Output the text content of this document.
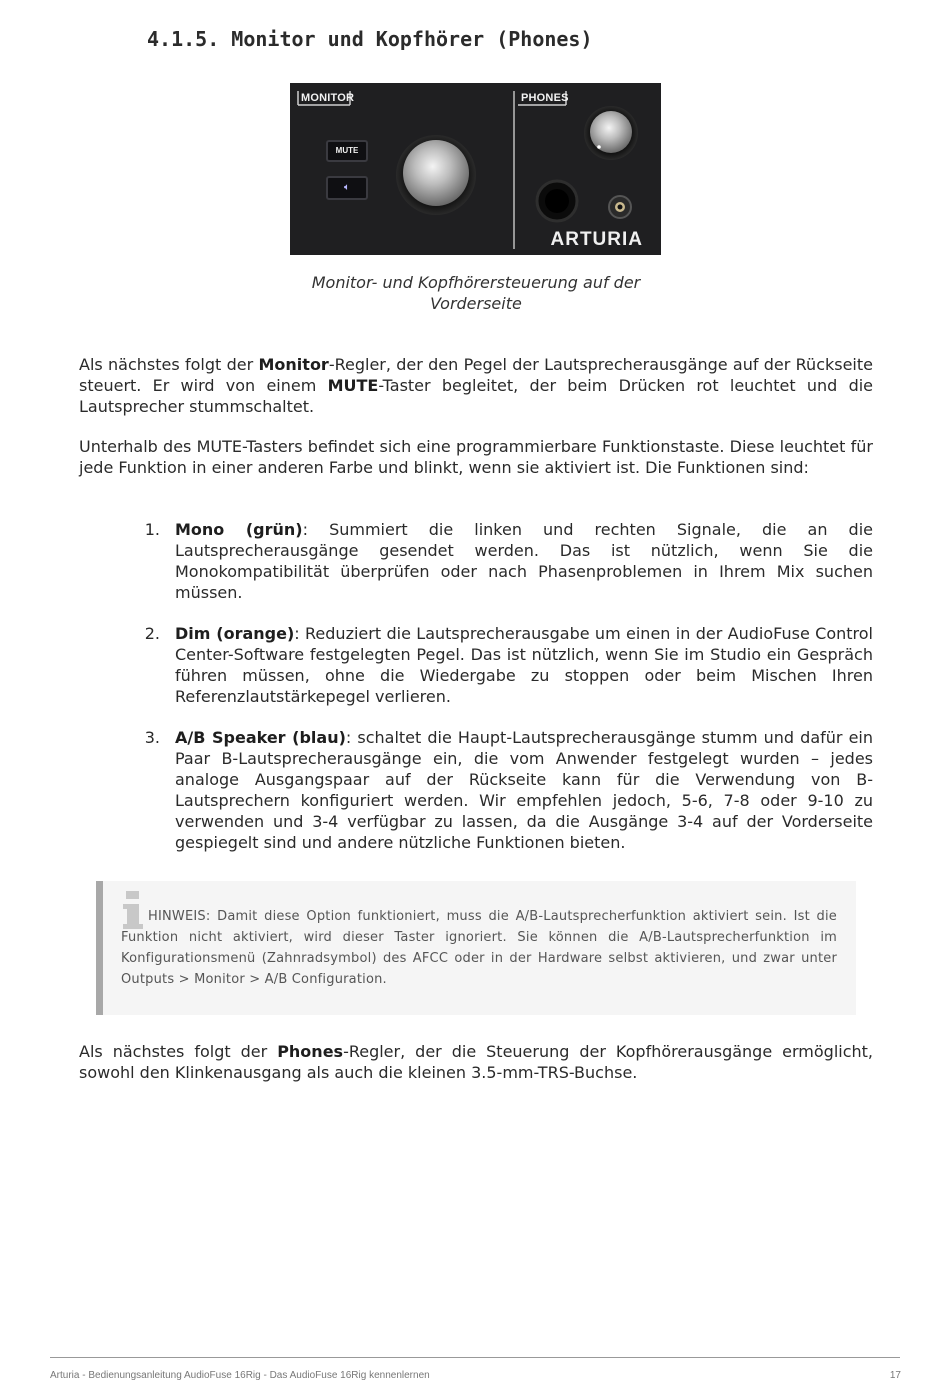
4.1.5. Monitor und Kopfhörer (Phones)
MONITOR	PHONES
MUTE
🔈︎
ARTURIA
Monitor- und Kopfhörersteuerung auf der
Vorderseite

Als nächstes folgt der Monitor-Regler, der den Pegel der Lautsprecherausgänge auf der Rückseite steuert. Er wird von einem MUTE-Taster begleitet, der beim Drücken rot leuchtet und die Lautsprecher stummschaltet.

Unterhalb des MUTE-Tasters befindet sich eine programmierbare Funktionstaste. Diese leuchtet für jede Funktion in einer anderen Farbe und blinkt, wenn sie aktiviert ist. Die Funktionen sind:

1. Mono (grün): Summiert die linken und rechten Signale, die an die Lautsprecherausgänge gesendet werden. Das ist nützlich, wenn Sie die Monokompatibilität überprüfen oder nach Phasenproblemen in Ihrem Mix suchen müssen.
2. Dim (orange): Reduziert die Lautsprecherausgabe um einen in der AudioFuse Control Center-Software festgelegten Pegel. Das ist nützlich, wenn Sie im Studio ein Gespräch führen müssen, ohne die Wiedergabe zu stoppen oder beim Mischen Ihren Referenzlautstärkepegel verlieren.
3. A/B Speaker (blau): schaltet die Haupt-Lautsprecherausgänge stumm und dafür ein Paar B-Lautsprecherausgänge ein, die vom Anwender festgelegt wurden – jedes analoge Ausgangspaar auf der Rückseite kann für die Verwendung von B-Lautsprechern konfiguriert werden. Wir empfehlen jedoch, 5-6, 7-8 oder 9-10 zu verwenden und 3-4 verfügbar zu lassen, da die Ausgänge 3-4 auf der Vorderseite gespiegelt sind und andere nützliche Funktionen bieten.
HINWEIS: Damit diese Option funktioniert, muss die A/B-Lautsprecherfunktion aktiviert sein. Ist die Funktion nicht aktiviert, wird dieser Taster ignoriert. Sie können die A/B-Lautsprecherfunktion im Konfigurationsmenü (Zahnradsymbol) des AFCC oder in der Hardware selbst aktivieren, und zwar unter Outputs > Monitor > A/B Configuration.

Als nächstes folgt der Phones-Regler, der die Steuerung der Kopfhörerausgänge ermöglicht, sowohl den Klinkenausgang als auch die kleinen 3.5-mm-TRS-Buchse.

Arturia - Bedienungsanleitung AudioFuse 16Rig - Das AudioFuse 16Rig kennenlernen	17
